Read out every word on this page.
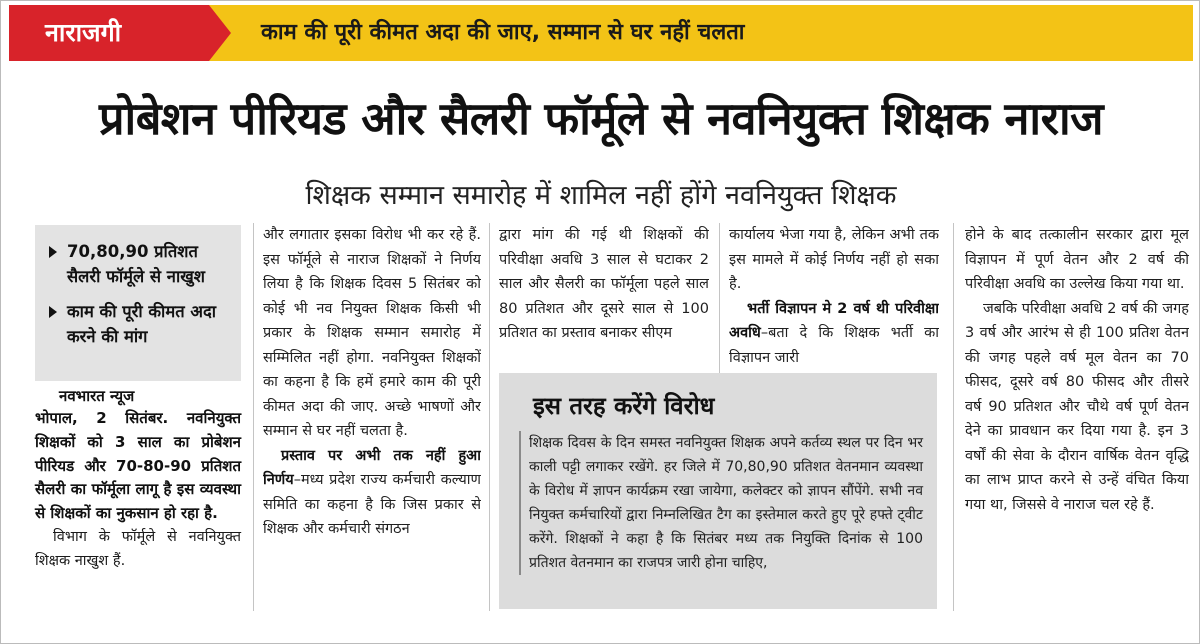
नाराजगी	काम की पूरी कीमत अदा की जाए, सम्मान से घर नहीं चलता
प्रोबेशन पीरियड और सैलरी फॉर्मूले से नवनियुक्त शिक्षक नाराज
शिक्षक सम्मान समारोह में शामिल नहीं होंगे नवनियुक्त शिक्षक
70,80,90 प्रतिशत सैलरी फॉर्मूले से नाखुश
काम की पूरी कीमत अदा करने की मांग
नवभारत न्यूज
भोपाल, 2 सितंबर. नवनियुक्त शिक्षकों को 3 साल का प्रोबेशन पीरियड और 70-80-90 प्रतिशत सैलरी का फॉर्मूला लागू है इस व्यवस्था से शिक्षकों का नुकसान हो रहा है.
विभाग के फॉर्मूले से नवनियुक्त शिक्षक नाखुश हैं.

और लगातार इसका विरोध भी कर रहे हैं. इस फॉर्मूले से नाराज शिक्षकों ने निर्णय लिया है कि शिक्षक दिवस 5 सितंबर को कोई भी नव नियुक्त शिक्षक किसी भी प्रकार के शिक्षक सम्मान समारोह में सम्मिलित नहीं होगा. नवनियुक्त शिक्षकों का कहना है कि हमें हमारे काम की पूरी कीमत अदा की जाए. अच्छे भाषणों और सम्मान से घर नहीं चलता है.

प्रस्ताव पर अभी तक नहीं हुआ निर्णय–मध्य प्रदेश राज्य कर्मचारी कल्याण समिति का कहना है कि जिस प्रकार से शिक्षक और कर्मचारी संगठन

द्वारा मांग की गई थी शिक्षकों की परिवीक्षा अवधि 3 साल से घटाकर 2 साल और सैलरी का फॉर्मूला पहले साल 80 प्रतिशत और दूसरे साल से 100 प्रतिशत का प्रस्ताव बनाकर सीएम

कार्यालय भेजा गया है, लेकिन अभी तक इस मामले में कोई निर्णय नहीं हो सका है.

भर्ती विज्ञापन मे 2 वर्ष थी परिवीक्षा अवधि–बता दे कि शिक्षक भर्ती का विज्ञापन जारी

होने के बाद तत्कालीन सरकार द्वारा मूल विज्ञापन में पूर्ण वेतन और 2 वर्ष की परिवीक्षा अवधि का उल्लेख किया गया था.

जबकि परिवीक्षा अवधि 2 वर्ष की जगह 3 वर्ष और आरंभ से ही 100 प्रतिश वेतन की जगह पहले वर्ष मूल वेतन का 70 फीसद, दूसरे वर्ष 80 फीसद और तीसरे वर्ष 90 प्रतिशत और चौथे वर्ष पूर्ण वेतन देने का प्रावधान कर दिया गया है. इन 3 वर्षों की सेवा के दौरान वार्षिक वेतन वृद्धि का लाभ प्राप्त करने से उन्हें वंचित किया गया था, जिससे वे नाराज चल रहे हैं.

इस तरह करेंगे विरोध
शिक्षक दिवस के दिन समस्त नवनियुक्त शिक्षक अपने कर्तव्य स्थल पर दिन भर काली पट्टी लगाकर रखेंगे. हर जिले में 70,80,90 प्रतिशत वेतनमान व्यवस्था के विरोध में ज्ञापन कार्यक्रम रखा जायेगा, कलेक्टर को ज्ञापन सौंपेंगे. सभी नव नियुक्त कर्मचारियों द्वारा निम्नलिखित टैग का इस्तेमाल करते हुए पूरे हफ्ते ट्वीट करेंगे. शिक्षकों ने कहा है कि सितंबर मध्य तक नियुक्ति दिनांक से 100 प्रतिशत वेतनमान का राजपत्र जारी होना चाहिए,
